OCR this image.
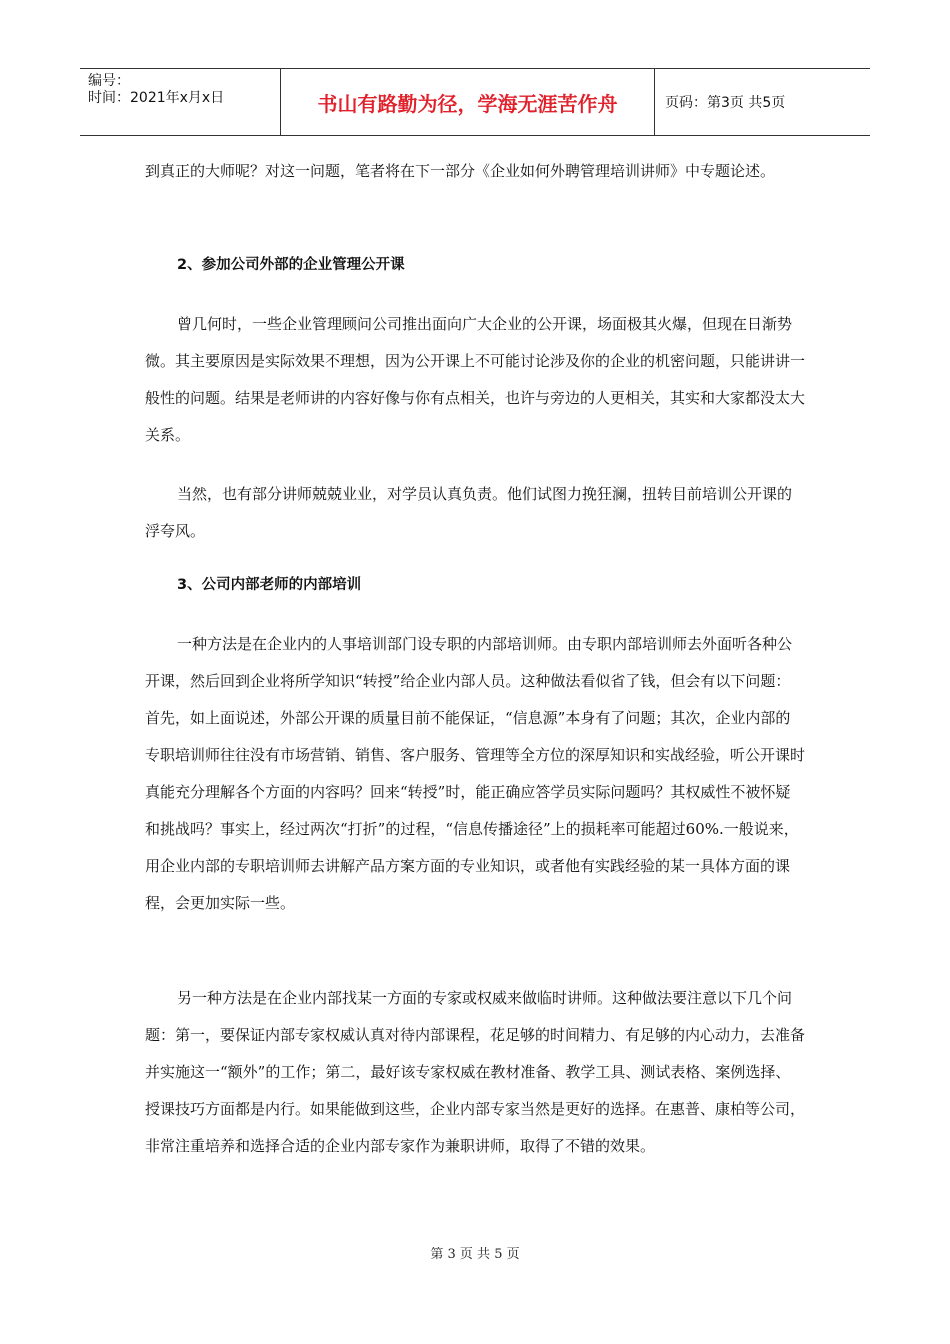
编号：
时间：2021年x月x日	书山有路勤为径，学海无涯苦作舟	页码：第3页 共5页

到真正的大师呢？对这一问题，笔者将在下一部分《企业如何外聘管理培训讲师》中专题论述。

2、参加公司外部的企业管理公开课

曾几何时，一些企业管理顾问公司推出面向广大企业的公开课，场面极其火爆，但现在日渐势微。其主要原因是实际效果不理想，因为公开课上不可能讨论涉及你的企业的机密问题，只能讲讲一般性的问题。结果是老师讲的内容好像与你有点相关，也许与旁边的人更相关，其实和大家都没太大关系。

当然，也有部分讲师兢兢业业，对学员认真负责。他们试图力挽狂澜，扭转目前培训公开课的浮夸风。

3、公司内部老师的内部培训

一种方法是在企业内的人事培训部门设专职的内部培训师。由专职内部培训师去外面听各种公开课，然后回到企业将所学知识“转授”给企业内部人员。这种做法看似省了钱，但会有以下问题：首先，如上面说述，外部公开课的质量目前不能保证，“信息源”本身有了问题；其次，企业内部的专职培训师往往没有市场营销、销售、客户服务、管理等全方位的深厚知识和实战经验，听公开课时真能充分理解各个方面的内容吗？回来“转授”时，能正确应答学员实际问题吗？其权威性不被怀疑和挑战吗？事实上，经过两次“打折”的过程，“信息传播途径”上的损耗率可能超过60%.一般说来，用企业内部的专职培训师去讲解产品方案方面的专业知识，或者他有实践经验的某一具体方面的课程，会更加实际一些。

另一种方法是在企业内部找某一方面的专家或权威来做临时讲师。这种做法要注意以下几个问题：第一，要保证内部专家权威认真对待内部课程，花足够的时间精力、有足够的内心动力，去准备并实施这一“额外”的工作；第二，最好该专家权威在教材准备、教学工具、测试表格、案例选择、授课技巧方面都是内行。如果能做到这些，企业内部专家当然是更好的选择。在惠普、康柏等公司，非常注重培养和选择合适的企业内部专家作为兼职讲师，取得了不错的效果。

第 3 页 共 5 页
